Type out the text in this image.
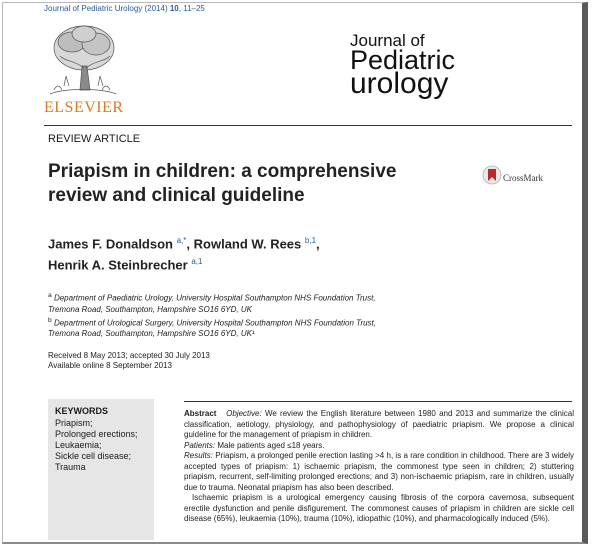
Journal of Pediatric Urology (2014) 10, 11–25
ELSEVIER
Journal of
Pediatric
urology
REVIEW ARTICLE
Priapism in children: a comprehensive review and clinical guideline
CrossMark
James F. Donaldson $^{a,*}$, Rowland W. Rees $^{b,1}$,
Henrik A. Steinbrecher $^{a,1}$
$^a$ Department of Paediatric Urology, University Hospital Southampton NHS Foundation Trust,
Tremona Road, Southampton, Hampshire SO16 6YD, UK
$^b$ Department of Urological Surgery, University Hospital Southampton NHS Foundation Trust,
Tremona Road, Southampton, Hampshire SO16 6YD, UK¹
Received 8 May 2013; accepted 30 July 2013
Available online 8 September 2013
KEYWORDS
Priapism;
Prolonged erections;
Leukaemia;
Sickle cell disease;
Trauma

Abstract Objective: We review the English literature between 1980 and 2013 and summarize the clinical classification, aetiology, physiology, and pathophysiology of paediatric priapism. We propose a clinical guideline for the management of priapism in children.

Patients: Male patients aged ≤18 years.

Results: Priapism, a prolonged penile erection lasting >4 h, is a rare condition in childhood. There are 3 widely accepted types of priapism: 1) ischaemic priapism, the commonest type seen in children; 2) stuttering priapism, recurrent, self-limiting prolonged erections; and 3) non-ischaemic priapism, rare in children, usually due to trauma. Neonatal priapism has also been described.

Ischaemic priapism is a urological emergency causing fibrosis of the corpora cavernosa, subsequent erectile dysfunction and penile disfigurement. The commonest causes of priapism in children are sickle cell disease (65%), leukaemia (10%), trauma (10%), idiopathic (10%), and pharmacologically induced (5%).
